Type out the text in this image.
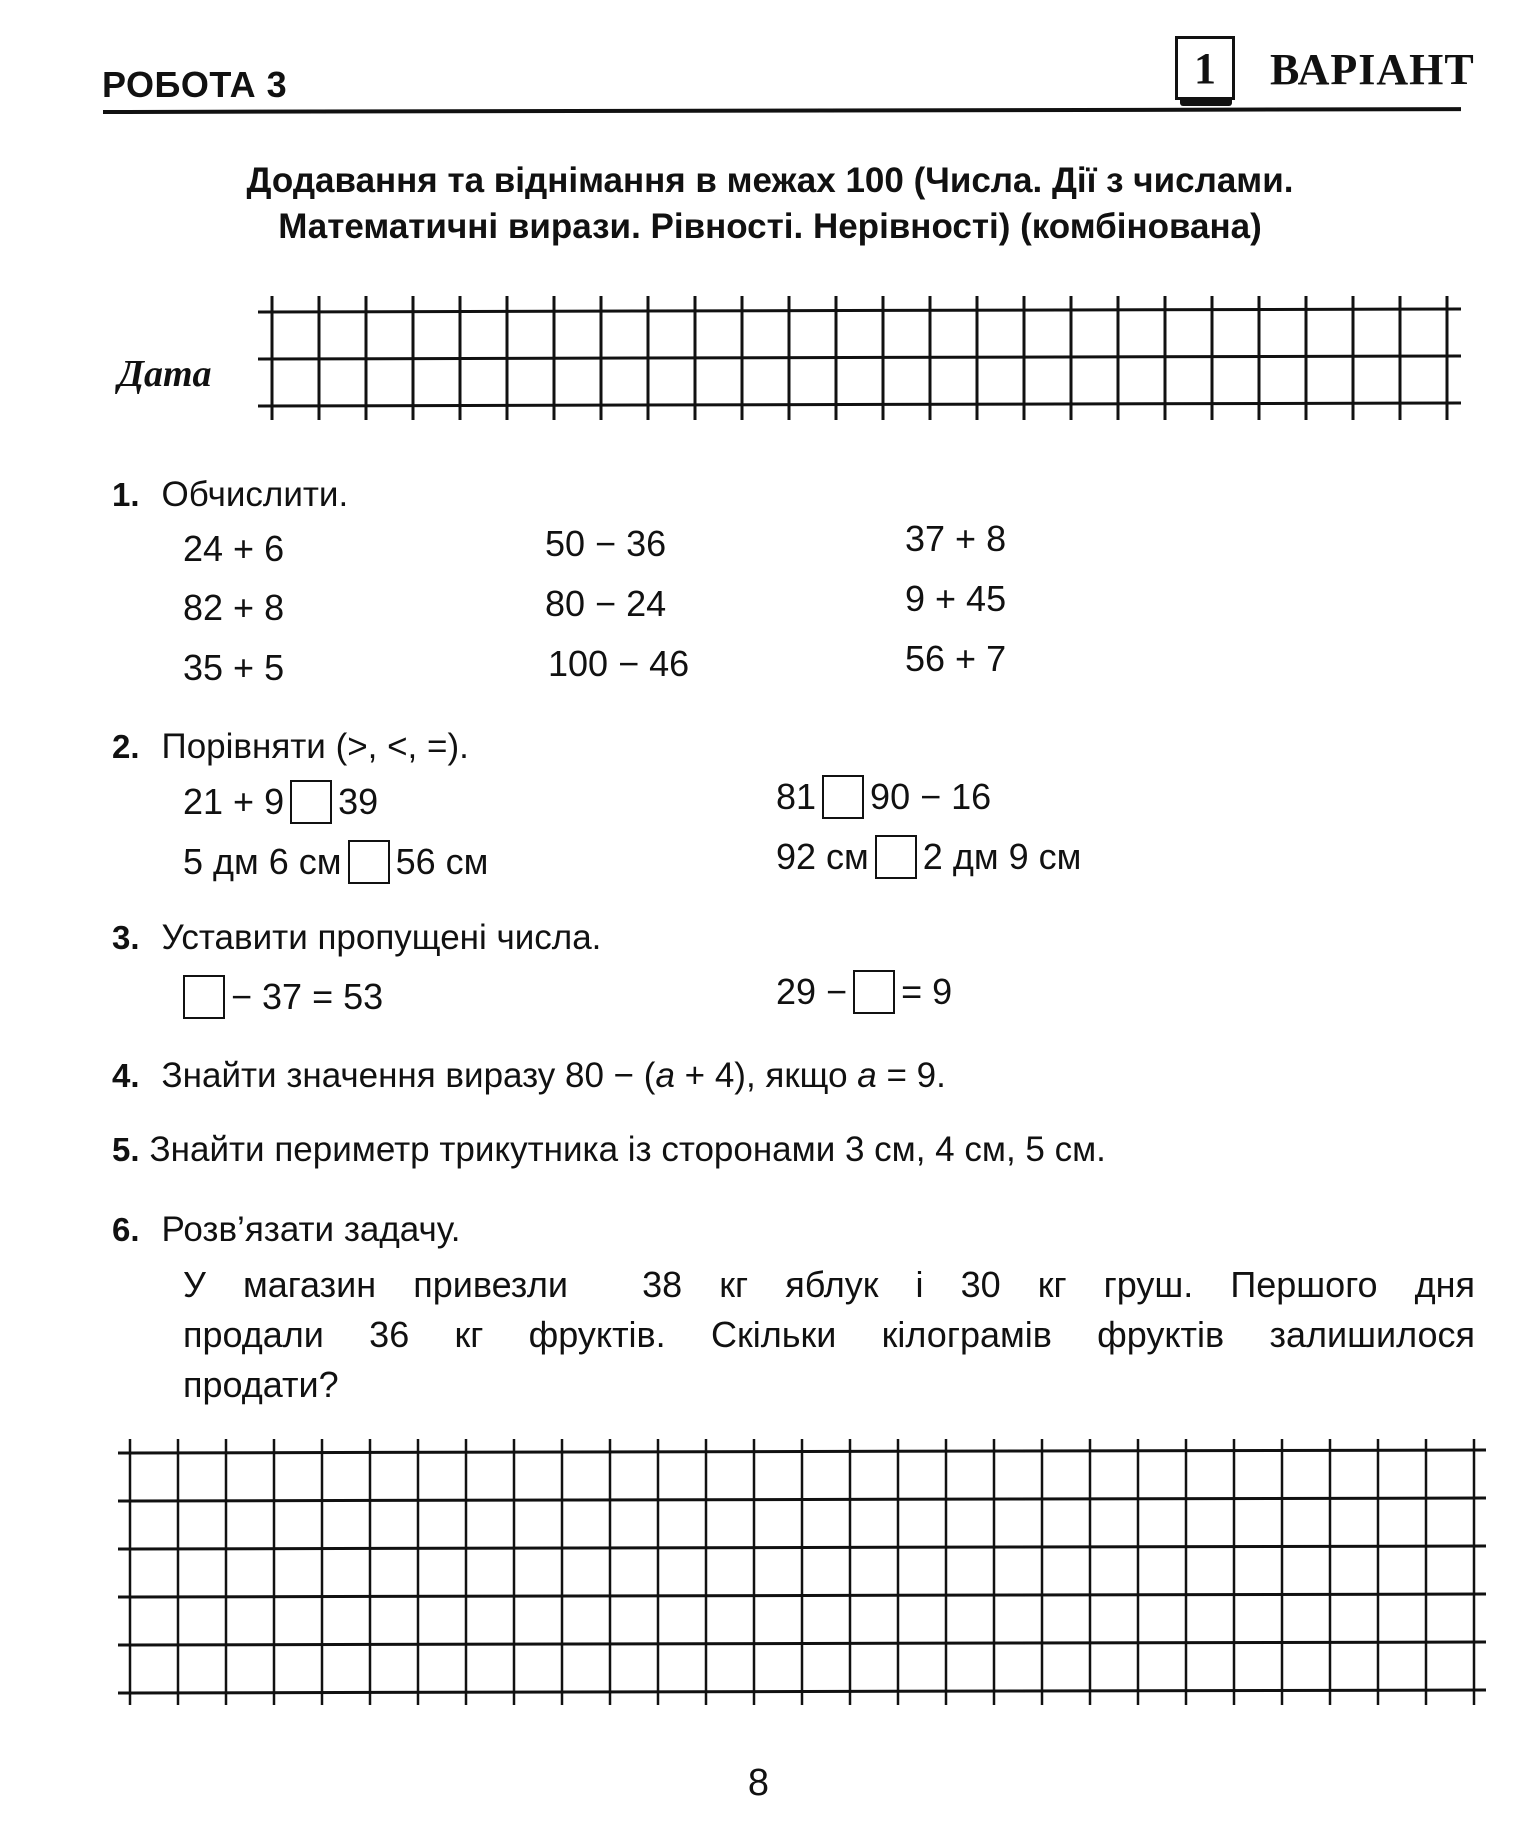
РОБОТА 3	1 ВАРІАНТ
Додавання та віднімання в межах 100 (Числа. Дії з числами.
Математичні вирази. Рівності. Нерівності) (комбінована)
Дата
1. Обчислити.
24 + 6
82 + 8
35 + 5
50 − 36
80 − 24
100 − 46
37 + 8
9 + 45
56 + 7
2. Порівняти (>, <, =).
21 + 9 39
5 дм 6 см 56 см
81 90 − 16
92 см 2 дм 9 см
3. Уставити пропущені числа.
− 37 = 53	29 − = 9
4. Знайти значення виразу 80 − (а + 4), якщо а = 9.
5. Знайти периметр трикутника із сторонами 3 см, 4 см, 5 см.
6. Розв’язати задачу.
У магазин привезли  38 кг яблук і 30 кг груш. Першого дня
продали 36 кг фруктів. Скільки кілограмів фруктів залишилося
продати?
8
